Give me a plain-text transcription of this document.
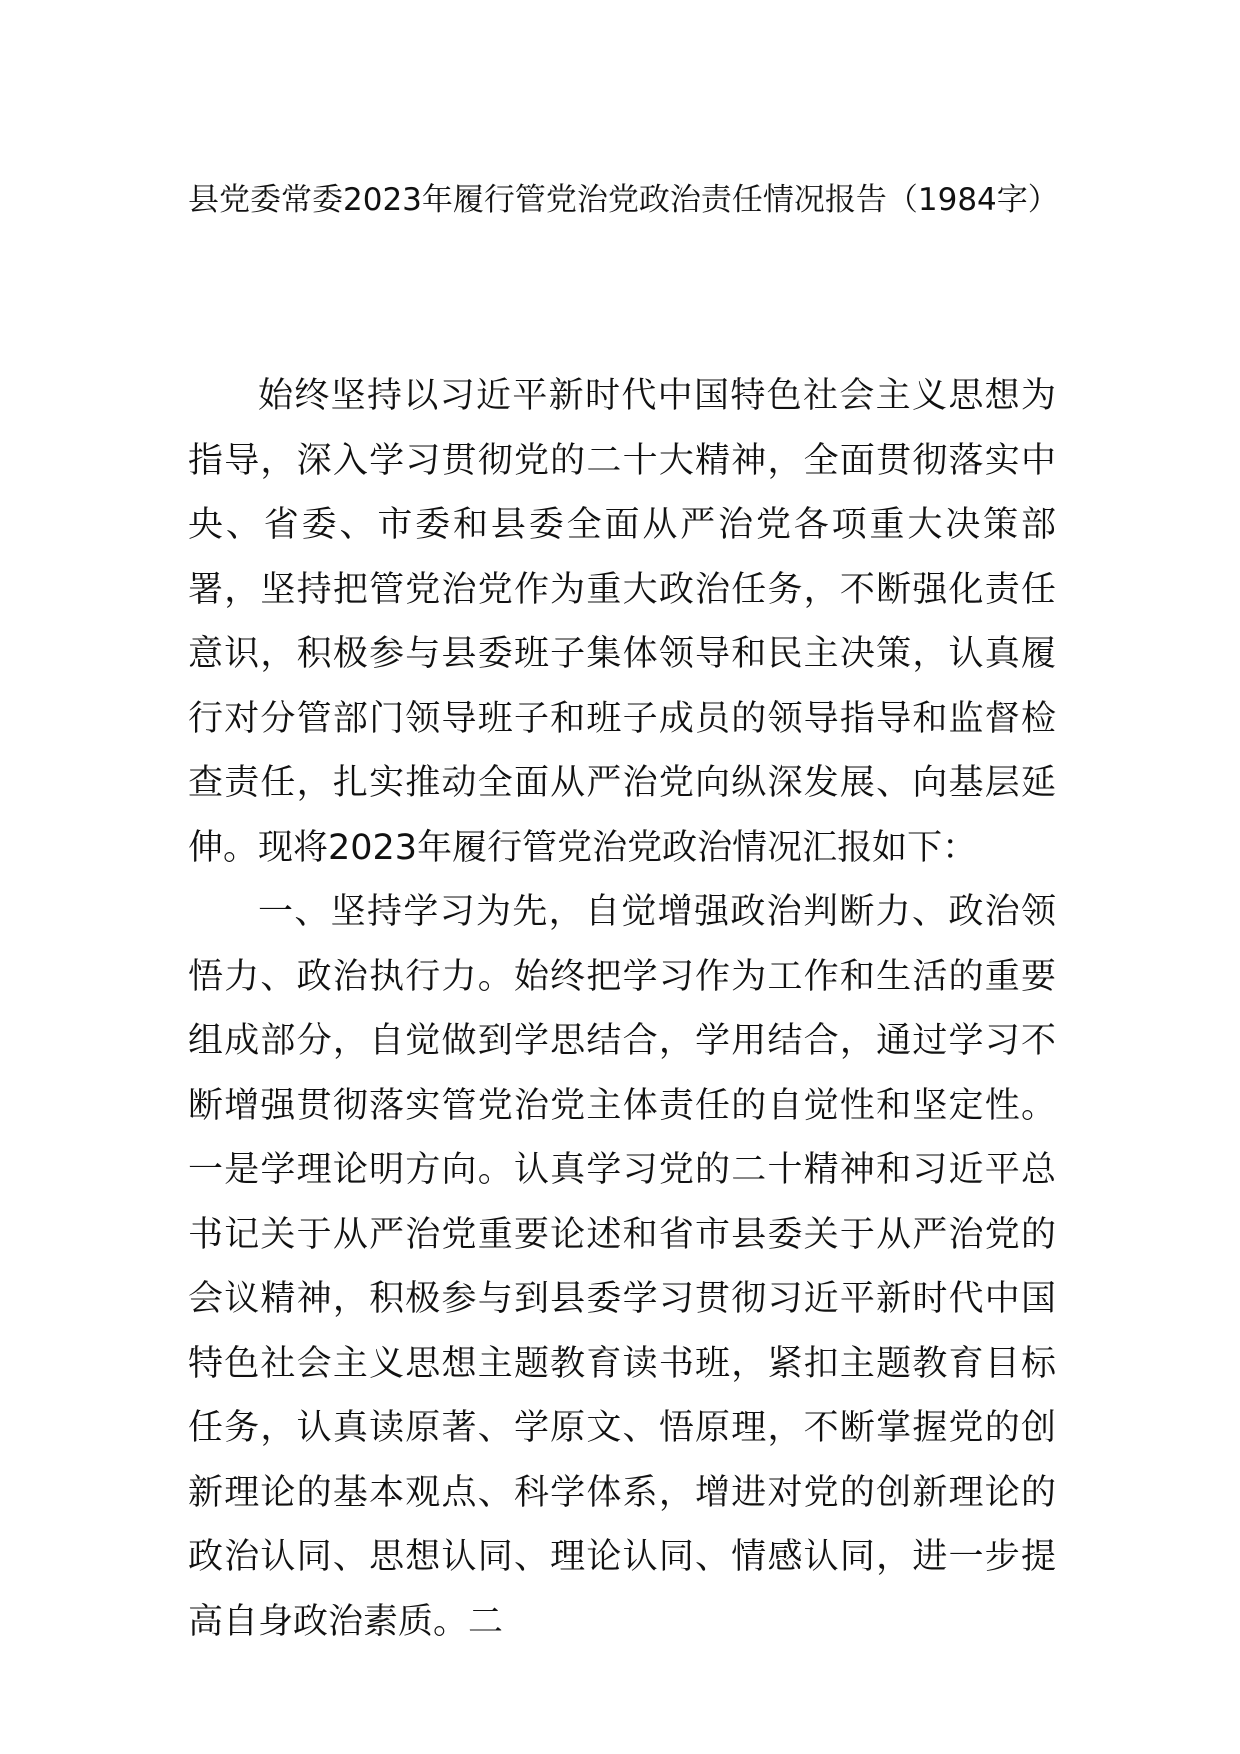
县党委常委2023年履行管党治党政治责任情况报告（1984字）

始终坚持以习近平新时代中国特色社会主义思想为指导，深入学习贯彻党的二十大精神，全面贯彻落实中央、省委、市委和县委全面从严治党各项重大决策部署，坚持把管党治党作为重大政治任务，不断强化责任意识，积极参与县委班子集体领导和民主决策，认真履行对分管部门领导班子和班子成员的领导指导和监督检查责任，扎实推动全面从严治党向纵深发展、向基层延伸。现将2023年履行管党治党政治情况汇报如下：

一、坚持学习为先，自觉增强政治判断力、政治领悟力、政治执行力。始终把学习作为工作和生活的重要组成部分，自觉做到学思结合，学用结合，通过学习不断增强贯彻落实管党治党主体责任的自觉性和坚定性。一是学理论明方向。认真学习党的二十精神和习近平总书记关于从严治党重要论述和省市县委关于从严治党的会议精神，积极参与到县委学习贯彻习近平新时代中国特色社会主义思想主题教育读书班，紧扣主题教育目标任务，认真读原著、学原文、悟原理，不断掌握党的创新理论的基本观点、科学体系，增进对党的创新理论的政治认同、思想认同、理论认同、情感认同，进一步提高自身政治素质。二
